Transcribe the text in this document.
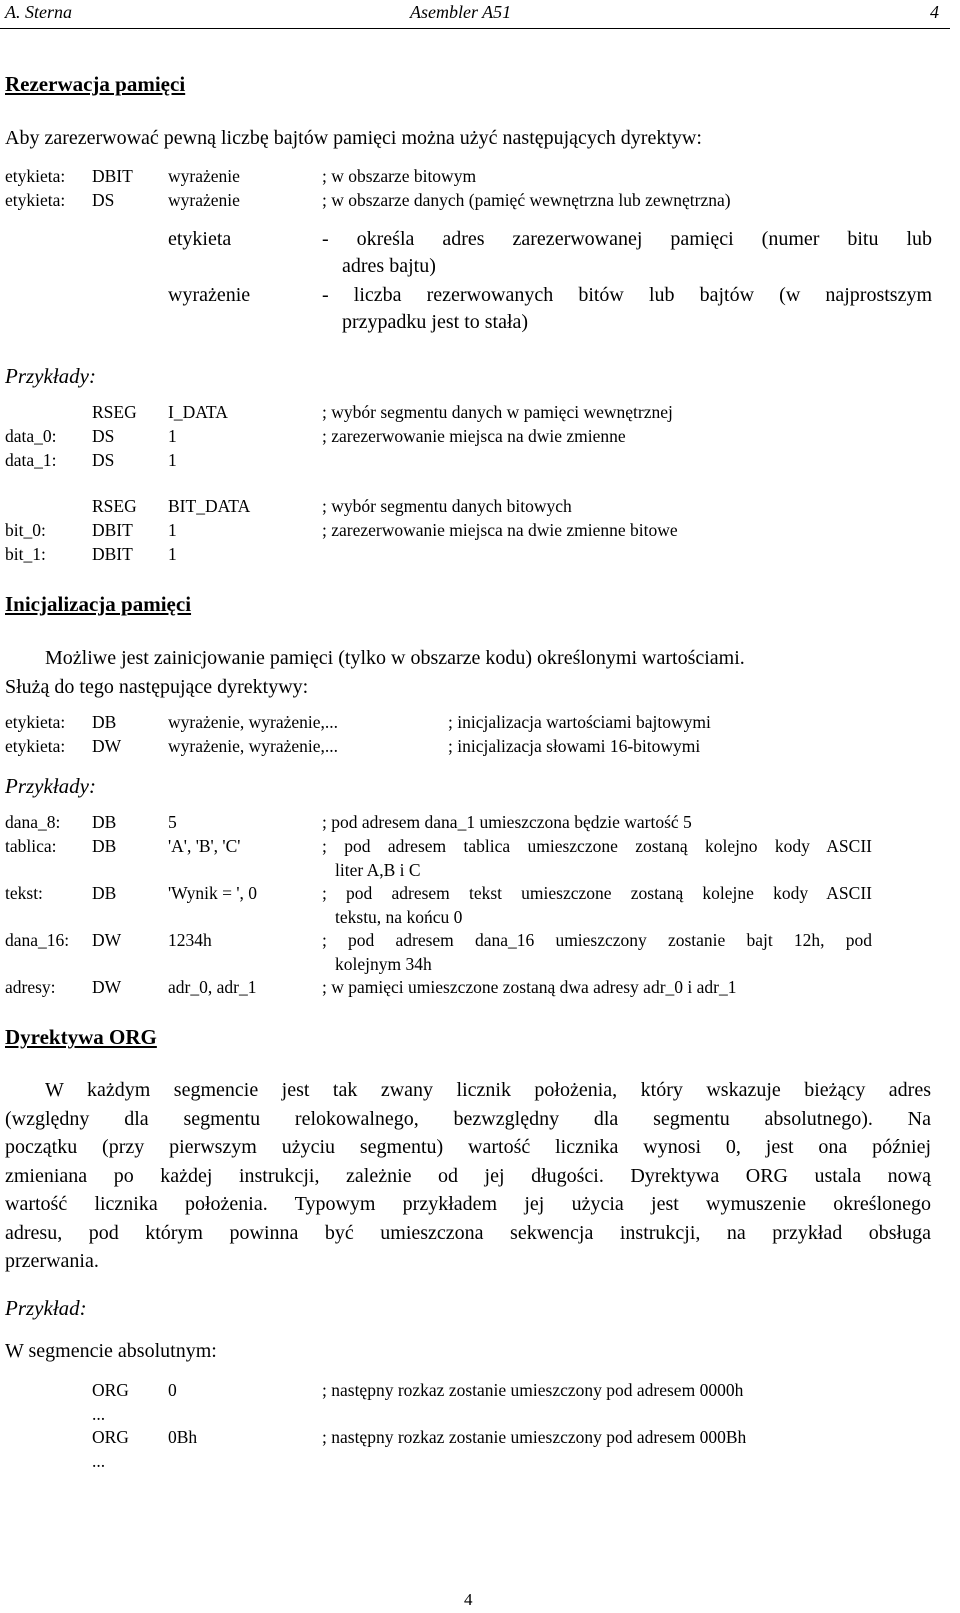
A. Sterna	Asembler A51	4
Rezerwacja pamięci
Aby zarezerwować pewną liczbę bajtów pamięci można użyć następujących dyrektyw:
etykieta: DBIT wyrażenie	; w obszarze bitowym
etykieta: DS	wyrażenie	; w obszarze danych (pamięć wewnętrzna lub zewnętrzna)
etykieta	- określa adres zarezerwowanej pamięci (numer bitu lub
adres bajtu)
wyrażenie	- liczba rezerwowanych bitów lub bajtów (w najprostszym
przypadku jest to stała)
Przykłady:
RSEG I_DATA	; wybór segmentu danych w pamięci wewnętrznej
data_0: DS	1	; zarezerwowanie miejsca na dwie zmienne
data_1: DS	1
RSEG BIT_DATA	; wybór segmentu danych bitowych
bit_0:	DBIT 1	; zarezerwowanie miejsca na dwie zmienne bitowe
bit_1:	DBIT 1
Inicjalizacja pamięci
Możliwe jest zainicjowanie pamięci (tylko w obszarze kodu) określonymi wartościami.
Służą do tego następujące dyrektywy:
etykieta: DB	wyrażenie, wyrażenie,...	; inicjalizacja wartościami bajtowymi
etykieta: DW	wyrażenie, wyrażenie,...	; inicjalizacja słowami 16-bitowymi
Przykłady:
dana_8: DB	5	; pod adresem dana_1 umieszczona będzie wartość 5
tablica: DB	'A', 'B', 'C'	; pod adresem tablica umieszczone zostaną kolejno kody ASCII
liter A,B i C
tekst:	DB	'Wynik = ', 0	; pod adresem tekst umieszczone zostaną kolejne kody ASCII
tekstu, na końcu 0
dana_16: DW	1234h	; pod adresem dana_16 umieszczony zostanie bajt 12h, pod
kolejnym 34h
adresy: DW	adr_0, adr_1	; w pamięci umieszczone zostaną dwa adresy adr_0 i adr_1
Dyrektywa ORG
W każdym segmencie jest tak zwany licznik położenia, który wskazuje bieżący adres
(względny dla segmentu relokowalnego, bezwzględny dla segmentu absolutnego). Na
początku (przy pierwszym użyciu segmentu) wartość licznika wynosi 0, jest ona później
zmieniana po każdej instrukcji, zależnie od jej długości. Dyrektywa ORG ustala nową
wartość licznika położenia. Typowym przykładem jej użycia jest wymuszenie określonego
adresu, pod którym powinna być umieszczona sekwencja instrukcji, na przykład obsługa
przerwania.
Przykład:
W segmencie absolutnym:
ORG 0	; następny rozkaz zostanie umieszczony pod adresem 0000h
...
ORG 0Bh	; następny rozkaz zostanie umieszczony pod adresem 000Bh
...
4
